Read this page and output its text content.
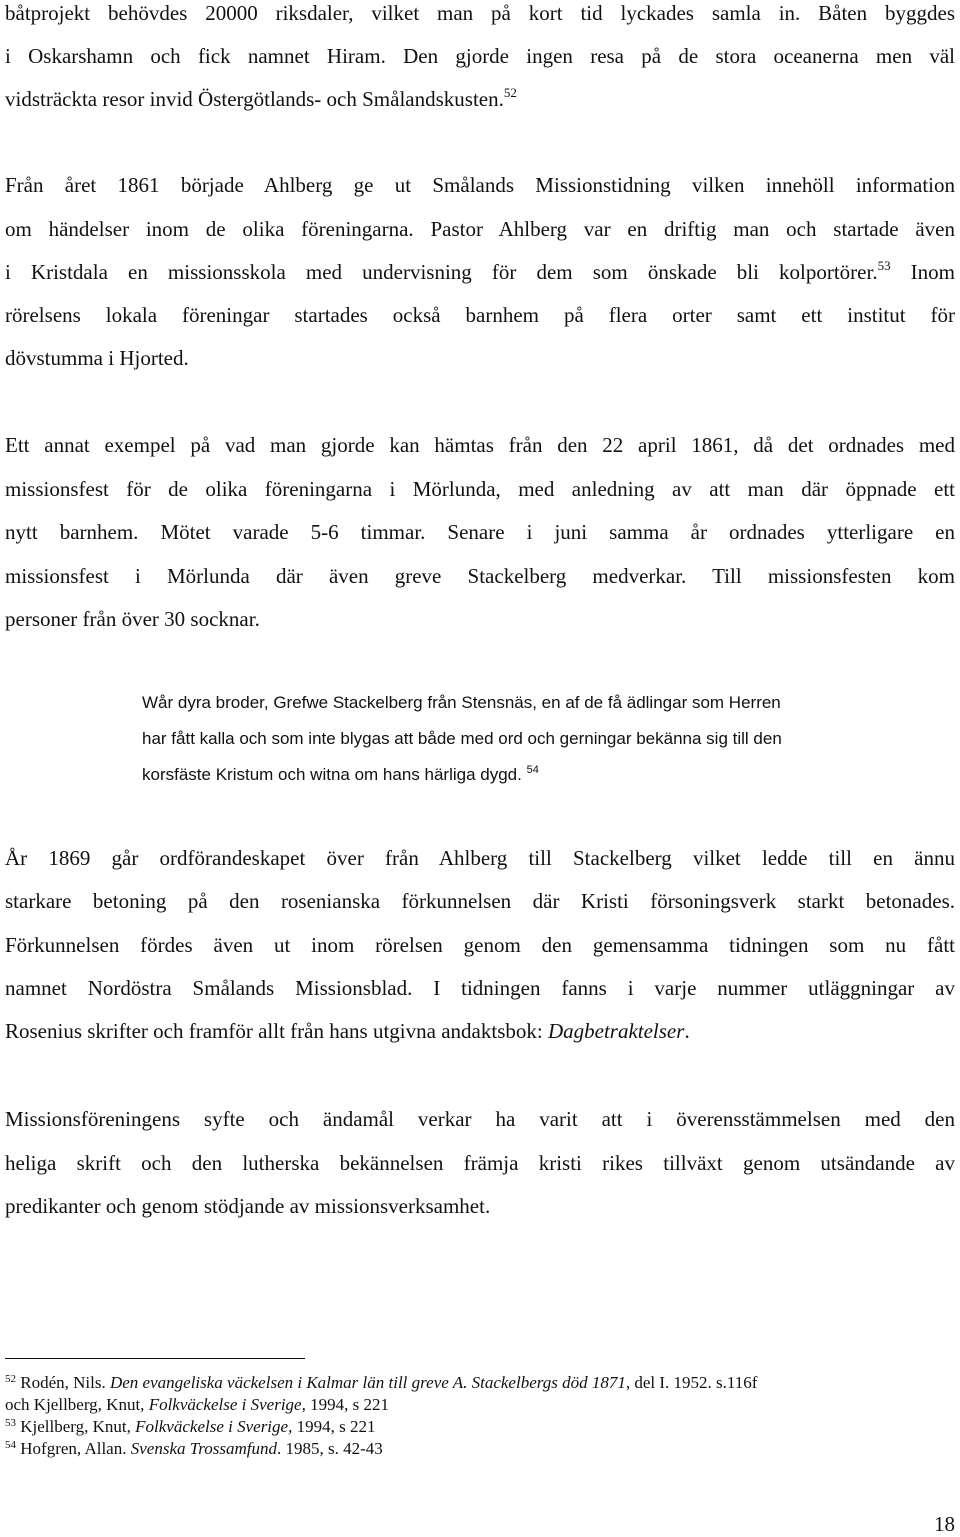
båtprojekt behövdes 20000 riksdaler, vilket man på kort tid lyckades samla in. Båten byggdes
i Oskarshamn och fick namnet Hiram. Den gjorde ingen resa på de stora oceanerna men väl
vidsträckta resor invid Östergötlands- och Smålandskusten.$^{52}$
Från året 1861 började Ahlberg ge ut Smålands Missionstidning vilken innehöll information
om händelser inom de olika föreningarna. Pastor Ahlberg var en driftig man och startade även
i Kristdala en missionsskola med undervisning för dem som önskade bli kolportörer.$^{53}$ Inom
rörelsens lokala föreningar startades också barnhem på flera orter samt ett institut för
dövstumma i Hjorted.
Ett annat exempel på vad man gjorde kan hämtas från den 22 april 1861, då det ordnades med
missionsfest för de olika föreningarna i Mörlunda, med anledning av att man där öppnade ett
nytt barnhem. Mötet varade 5-6 timmar. Senare i juni samma år ordnades ytterligare en
missionsfest i Mörlunda där även greve Stackelberg medverkar. Till missionsfesten kom
personer från över 30 socknar.
Wår dyra broder, Grefwe Stackelberg från Stensnäs, en af de få ädlingar som Herren
har fått kalla och som inte blygas att både med ord och gerningar bekänna sig till den
korsfäste Kristum och witna om hans härliga dygd. $^{54}$
År 1869 går ordförandeskapet över från Ahlberg till Stackelberg vilket ledde till en ännu
starkare betoning på den rosenianska förkunnelsen där Kristi försoningsverk starkt betonades.
Förkunnelsen fördes även ut inom rörelsen genom den gemensamma tidningen som nu fått
namnet Nordöstra Smålands Missionsblad. I tidningen fanns i varje nummer utläggningar av
Rosenius skrifter och framför allt från hans utgivna andaktsbok: Dagbetraktelser.
Missionsföreningens syfte och ändamål verkar ha varit att i överensstämmelsen med den
heliga skrift och den lutherska bekännelsen främja kristi rikes tillväxt genom utsändande av
predikanter och genom stödjande av missionsverksamhet.
$^{52}$ Rodén, Nils. Den evangeliska väckelsen i Kalmar län till greve A. Stackelbergs död 1871, del I. 1952. s.116f
och Kjellberg, Knut, Folkväckelse i Sverige, 1994, s 221
$^{53}$ Kjellberg, Knut, Folkväckelse i Sverige, 1994, s 221
$^{54}$ Hofgren, Allan. Svenska Trossamfund. 1985, s. 42-43
18
